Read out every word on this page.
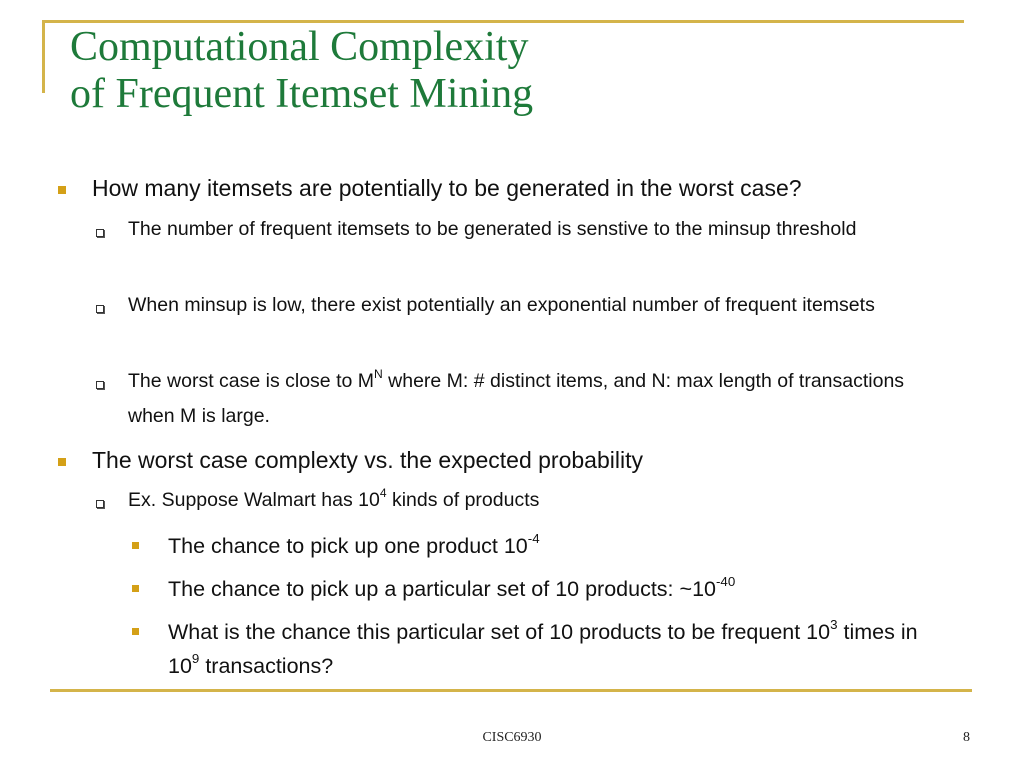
Computational Complexity
of Frequent Itemset Mining

How many itemsets are potentially to be generated in the worst case?

The number of frequent itemsets to be generated is senstive to the minsup threshold

When minsup is low, there exist potentially an exponential number of frequent itemsets

The worst case is close to $M^N$ where M: # distinct items, and N: max length of transactions when M is large.

The worst case complexty vs. the expected probability

Ex. Suppose Walmart has $10^4$ kinds of products

The chance to pick up one product $10^{-4}$

The chance to pick up a particular set of 10 products: $\sim 10^{-40}$

What is the chance this particular set of 10 products to be frequent $10^3$ times in $10^9$ transactions?

CISC6930	8
